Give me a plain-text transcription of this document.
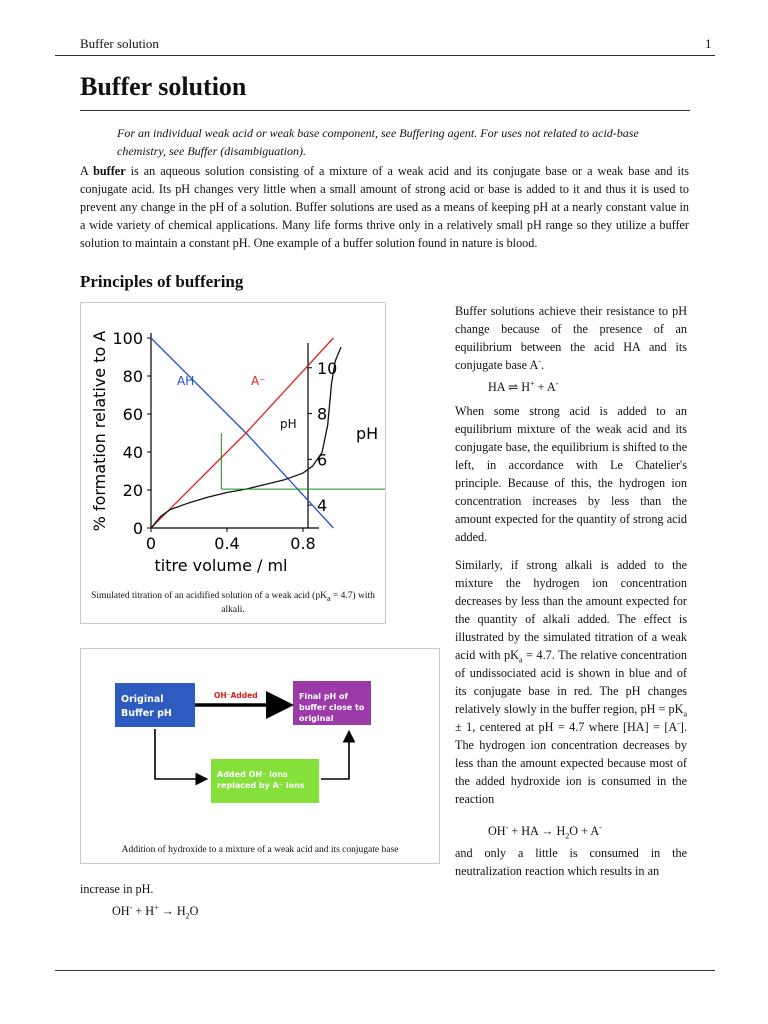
Buffer solution	1
Buffer solution
For an individual weak acid or weak base component, see Buffering agent. For uses not related to acid-base chemistry, see Buffer (disambiguation).
A buffer is an aqueous solution consisting of a mixture of a weak acid and its conjugate base or a weak base and its conjugate acid. Its pH changes very little when a small amount of strong acid or base is added to it and thus it is used to prevent any change in the pH of a solution. Buffer solutions are used as a means of keeping pH at a nearly constant value in a wide variety of chemical applications. Many life forms thrive only in a relatively small pH range so they utilize a buffer solution to maintain a constant pH. One example of a buffer solution found in nature is blood.
Principles of buffering
0
20
40
60
80
100
4
6
8
10
0	0.4	0.8
titre volume / ml
% formation relative to A	pH
AH	A⁻
pH
Simulated titration of an acidified solution of a weak acid $(pK_a = 4.7)$ with alkali.
Original Buffer pH
Final pH of buffer close to original
Added OH⁻ ions replaced by A⁻ ions
OH⁻Added
Addition of hydroxide to a mixture of a weak acid and its conjugate base
Buffer solutions achieve their resistance to pH change because of the presence of an equilibrium between the acid HA and its conjugate base A-.
HA ⇌ H+ + A-
When some strong acid is added to an equilibrium mixture of the weak acid and its conjugate base, the equilibrium is shifted to the left, in accordance with Le Chatelier's principle. Because of this, the hydrogen ion concentration increases by less than the amount expected for the quantity of strong acid added.
Similarly, if strong alkali is added to the mixture the hydrogen ion concentration decreases by less than the amount expected for the quantity of alkali added. The effect is illustrated by the simulated titration of a weak acid with $pK_a = 4.7$. The relative concentration of undissociated acid is shown in blue and of its conjugate base in red. The pH changes relatively slowly in the buffer region, pH = $pK_a \pm 1$, centered at pH = 4.7 where [HA] = [A-]. The hydrogen ion concentration decreases by less than the amount expected because most of the added hydroxide ion is consumed in the reaction
OH- + HA → $H_2O + A^-$
and only a little is consumed in the neutralization reaction which results in an
increase in pH.
$OH^- + H^+ \to H_2O$
